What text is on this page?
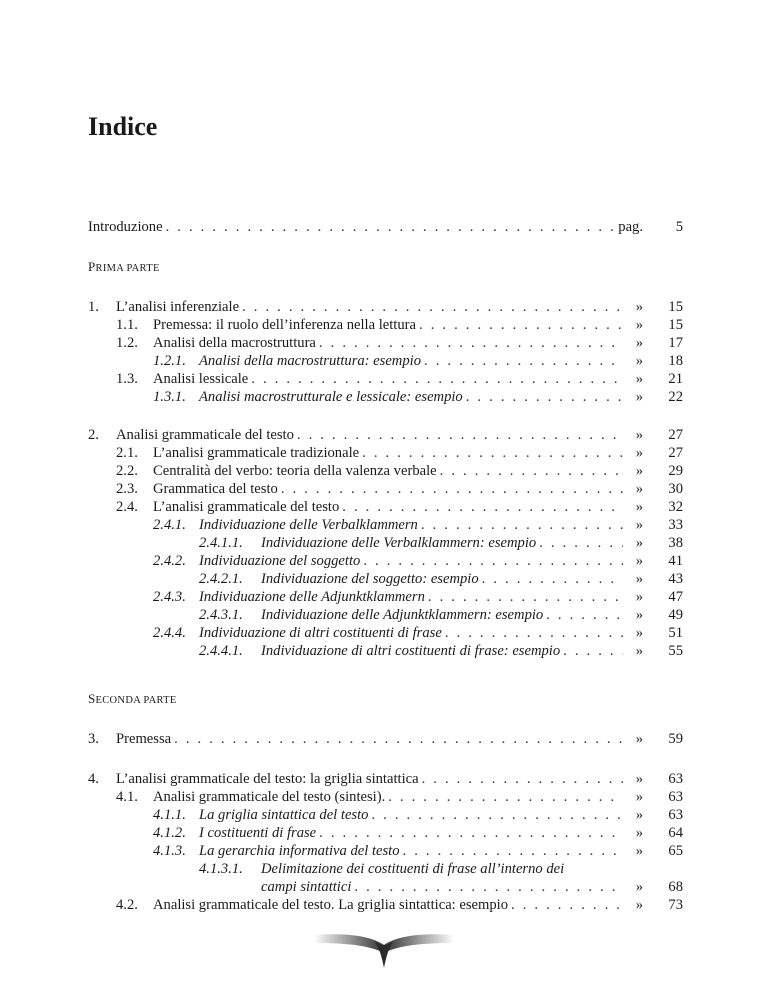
Indice
Introduzione . . .	pag.	5
PRIMA PARTE
1.	L’analisi inferenziale . . .	»	15
1.1.	Premessa: il ruolo dell’inferenza nella lettura . . .	»	15
1.2.	Analisi della macrostruttura . . .	»	17
1.2.1. Analisi della macrostruttura: esempio . . .	»	18
1.3.	Analisi lessicale . . .	»	21
1.3.1. Analisi macrostrutturale e lessicale: esempio . . .	»	22
2.	Analisi grammaticale del testo . . .	»	27
2.1.	L’analisi grammaticale tradizionale . . .	»	27
2.2.	Centralità del verbo: teoria della valenza verbale . . .	»	29
2.3.	Grammatica del testo . . .	»	30
2.4.	L’analisi grammaticale del testo . . .	»	32
2.4.1. Individuazione delle Verbalklammern . . .	»	33
2.4.1.1.	Individuazione delle Verbalklammern: esempio . . .	»	38
2.4.2. Individuazione del soggetto . . .	»	41
2.4.2.1.	Individuazione del soggetto: esempio . . .	»	43
2.4.3. Individuazione delle Adjunktklammern . . .	»	47
2.4.3.1.	Individuazione delle Adjunktklammern: esempio . . .	»	49
2.4.4. Individuazione di altri costituenti di frase . . .	»	51
2.4.4.1.	Individuazione di altri costituenti di frase: esempio . . .	»	55
SECONDA PARTE
3.	Premessa . . .	»	59
4.	L’analisi grammaticale del testo: la griglia sintattica . . .	»	63
4.1.	Analisi grammaticale del testo (sintesi). . . .	»	63
4.1.1. La griglia sintattica del testo . . .	»	63
4.1.2. I costituenti di frase . . .	»	64
4.1.3. La gerarchia informativa del testo . . .	»	65
4.1.3.1.	Delimitazione dei costituenti di frase all’interno dei
campi sintattici . . .	»	68
4.2.	Analisi grammaticale del testo. La griglia sintattica: esempio . . .	»	73
